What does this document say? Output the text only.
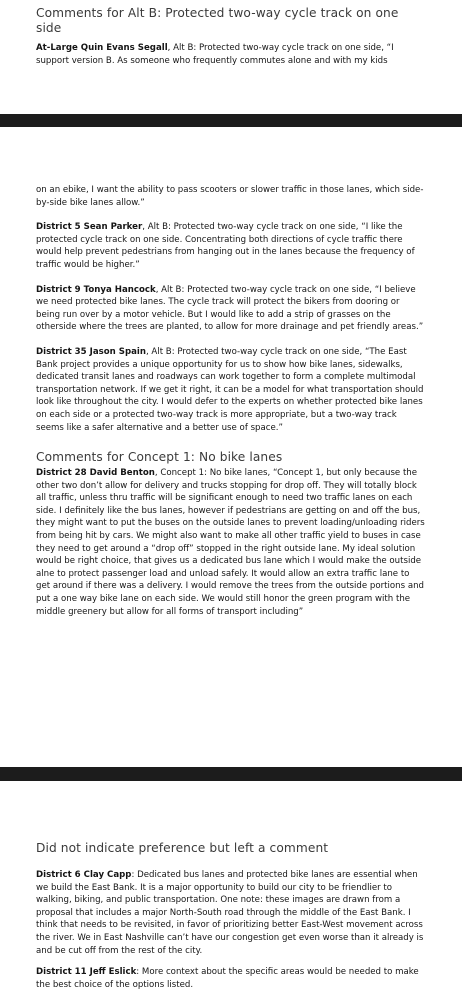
Comments for Alt B: Protected two-way cycle track on one side

At-Large Quin Evans Segall, Alt B: Protected two-way cycle track on one side, “I support version B. As someone who frequently commutes alone and with my kids

on an ebike, I want the ability to pass scooters or slower traffic in those lanes, which side-by-side bike lanes allow.”

District 5 Sean Parker, Alt B: Protected two-way cycle track on one side, “I like the protected cycle track on one side. Concentrating both directions of cycle traffic there would help prevent pedestrians from hanging out in the lanes because the frequency of traffic would be higher.”

District 9 Tonya Hancock, Alt B: Protected two-way cycle track on one side, “I believe we need protected bike lanes. The cycle track will protect the bikers from dooring or being run over by a motor vehicle. But I would like to add a strip of grasses on the otherside where the trees are planted, to allow for more drainage and pet friendly areas.”

District 35 Jason Spain, Alt B: Protected two-way cycle track on one side, “The East Bank project provides a unique opportunity for us to show how bike lanes, sidewalks, dedicated transit lanes and roadways can work together to form a complete multimodal transportation network. If we get it right, it can be a model for what transportation should look like throughout the city. I would defer to the experts on whether protected bike lanes on each side or a protected two-way track is more appropriate, but a two-way track seems like a safer alternative and a better use of space.”

Comments for Concept 1: No bike lanes

District 28 David Benton, Concept 1: No bike lanes, “Concept 1, but only because the other two don’t allow for delivery and trucks stopping for drop off. They will totally block all traffic, unless thru traffic will be significant enough to need two traffic lanes on each side. I definitely like the bus lanes, however if pedestrians are getting on and off the bus, they might want to put the buses on the outside lanes to prevent loading/unloading riders from being hit by cars. We might also want to make all other traffic yield to buses in case they need to get around a “drop off” stopped in the right outside lane. My ideal solution would be right choice, that gives us a dedicated bus lane which I would make the outside alne to protect passenger load and unload safely. It would allow an extra traffic lane to get around if there was a delivery. I would remove the trees from the outside portions and put a one way bike lane on each side. We would still honor the green program with the middle greenery but allow for all forms of transport including”

Did not indicate preference but left a comment

District 6 Clay Capp: Dedicated bus lanes and protected bike lanes are essential when we build the East Bank. It is a major opportunity to build our city to be friendlier to walking, biking, and public transportation. One note: these images are drawn from a proposal that includes a major North-South road through the middle of the East Bank. I think that needs to be revisited, in favor of prioritizing better East-West movement across the river. We in East Nashville can’t have our congestion get even worse than it already is and be cut off from the rest of the city.

District 11 Jeff Eslick: More context about the specific areas would be needed to make the best choice of the options listed.
